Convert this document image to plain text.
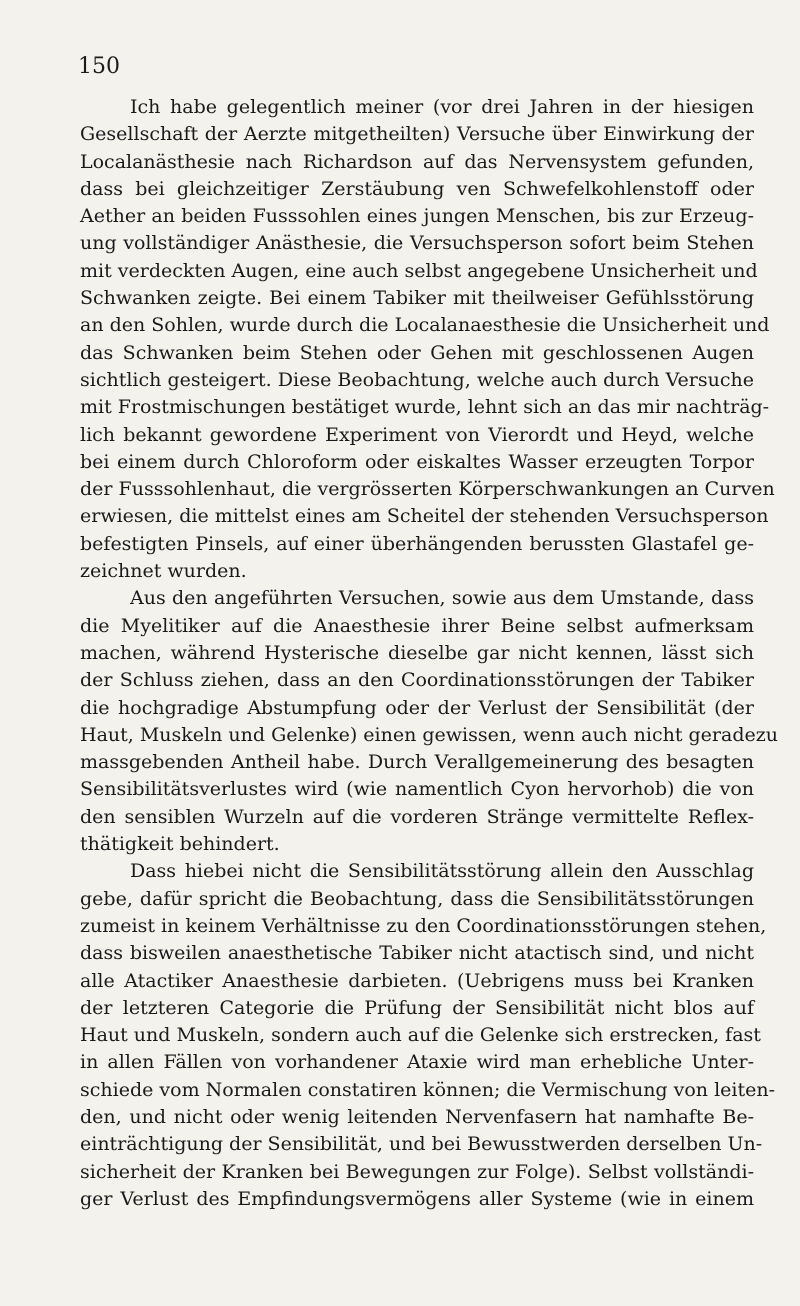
150
Ich habe gelegentlich meiner (vor drei Jahren in der hiesigen
Gesellschaft der Aerzte mitgetheilten) Versuche über Einwirkung der
Localanästhesie nach Richardson auf das Nervensystem gefunden,
dass bei gleichzeitiger Zerstäubung ven Schwefelkohlenstoff oder
Aether an beiden Fusssohlen eines jungen Menschen, bis zur Erzeug-
ung vollständiger Anästhesie, die Versuchsperson sofort beim Stehen
mit verdeckten Augen, eine auch selbst angegebene Unsicherheit und
Schwanken zeigte. Bei einem Tabiker mit theilweiser Gefühlsstörung
an den Sohlen, wurde durch die Localanaesthesie die Unsicherheit und
das Schwanken beim Stehen oder Gehen mit geschlossenen Augen
sichtlich gesteigert. Diese Beobachtung, welche auch durch Versuche
mit Frostmischungen bestätiget wurde, lehnt sich an das mir nachträg-
lich bekannt gewordene Experiment von Vierordt und Heyd, welche
bei einem durch Chloroform oder eiskaltes Wasser erzeugten Torpor
der Fusssohlenhaut, die vergrösserten Körperschwankungen an Curven
erwiesen, die mittelst eines am Scheitel der stehenden Versuchsperson
befestigten Pinsels, auf einer überhängenden berussten Glastafel ge-
zeichnet wurden.
Aus den angeführten Versuchen, sowie aus dem Umstande, dass
die Myelitiker auf die Anaesthesie ihrer Beine selbst aufmerksam
machen, während Hysterische dieselbe gar nicht kennen, lässt sich
der Schluss ziehen, dass an den Coordinationsstörungen der Tabiker
die hochgradige Abstumpfung oder der Verlust der Sensibilität (der
Haut, Muskeln und Gelenke) einen gewissen, wenn auch nicht geradezu
massgebenden Antheil habe. Durch Verallgemeinerung des besagten
Sensibilitätsverlustes wird (wie namentlich Cyon hervorhob) die von
den sensiblen Wurzeln auf die vorderen Stränge vermittelte Reflex-
thätigkeit behindert.
Dass hiebei nicht die Sensibilitätsstörung allein den Ausschlag
gebe, dafür spricht die Beobachtung, dass die Sensibilitätsstörungen
zumeist in keinem Verhältnisse zu den Coordinationsstörungen stehen,
dass bisweilen anaesthetische Tabiker nicht atactisch sind, und nicht
alle Atactiker Anaesthesie darbieten. (Uebrigens muss bei Kranken
der letzteren Categorie die Prüfung der Sensibilität nicht blos auf
Haut und Muskeln, sondern auch auf die Gelenke sich erstrecken, fast
in allen Fällen von vorhandener Ataxie wird man erhebliche Unter-
schiede vom Normalen constatiren können; die Vermischung von leiten-
den, und nicht oder wenig leitenden Nervenfasern hat namhafte Be-
einträchtigung der Sensibilität, und bei Bewusstwerden derselben Un-
sicherheit der Kranken bei Bewegungen zur Folge). Selbst vollständi-
ger Verlust des Empfindungsvermögens aller Systeme (wie in einem
